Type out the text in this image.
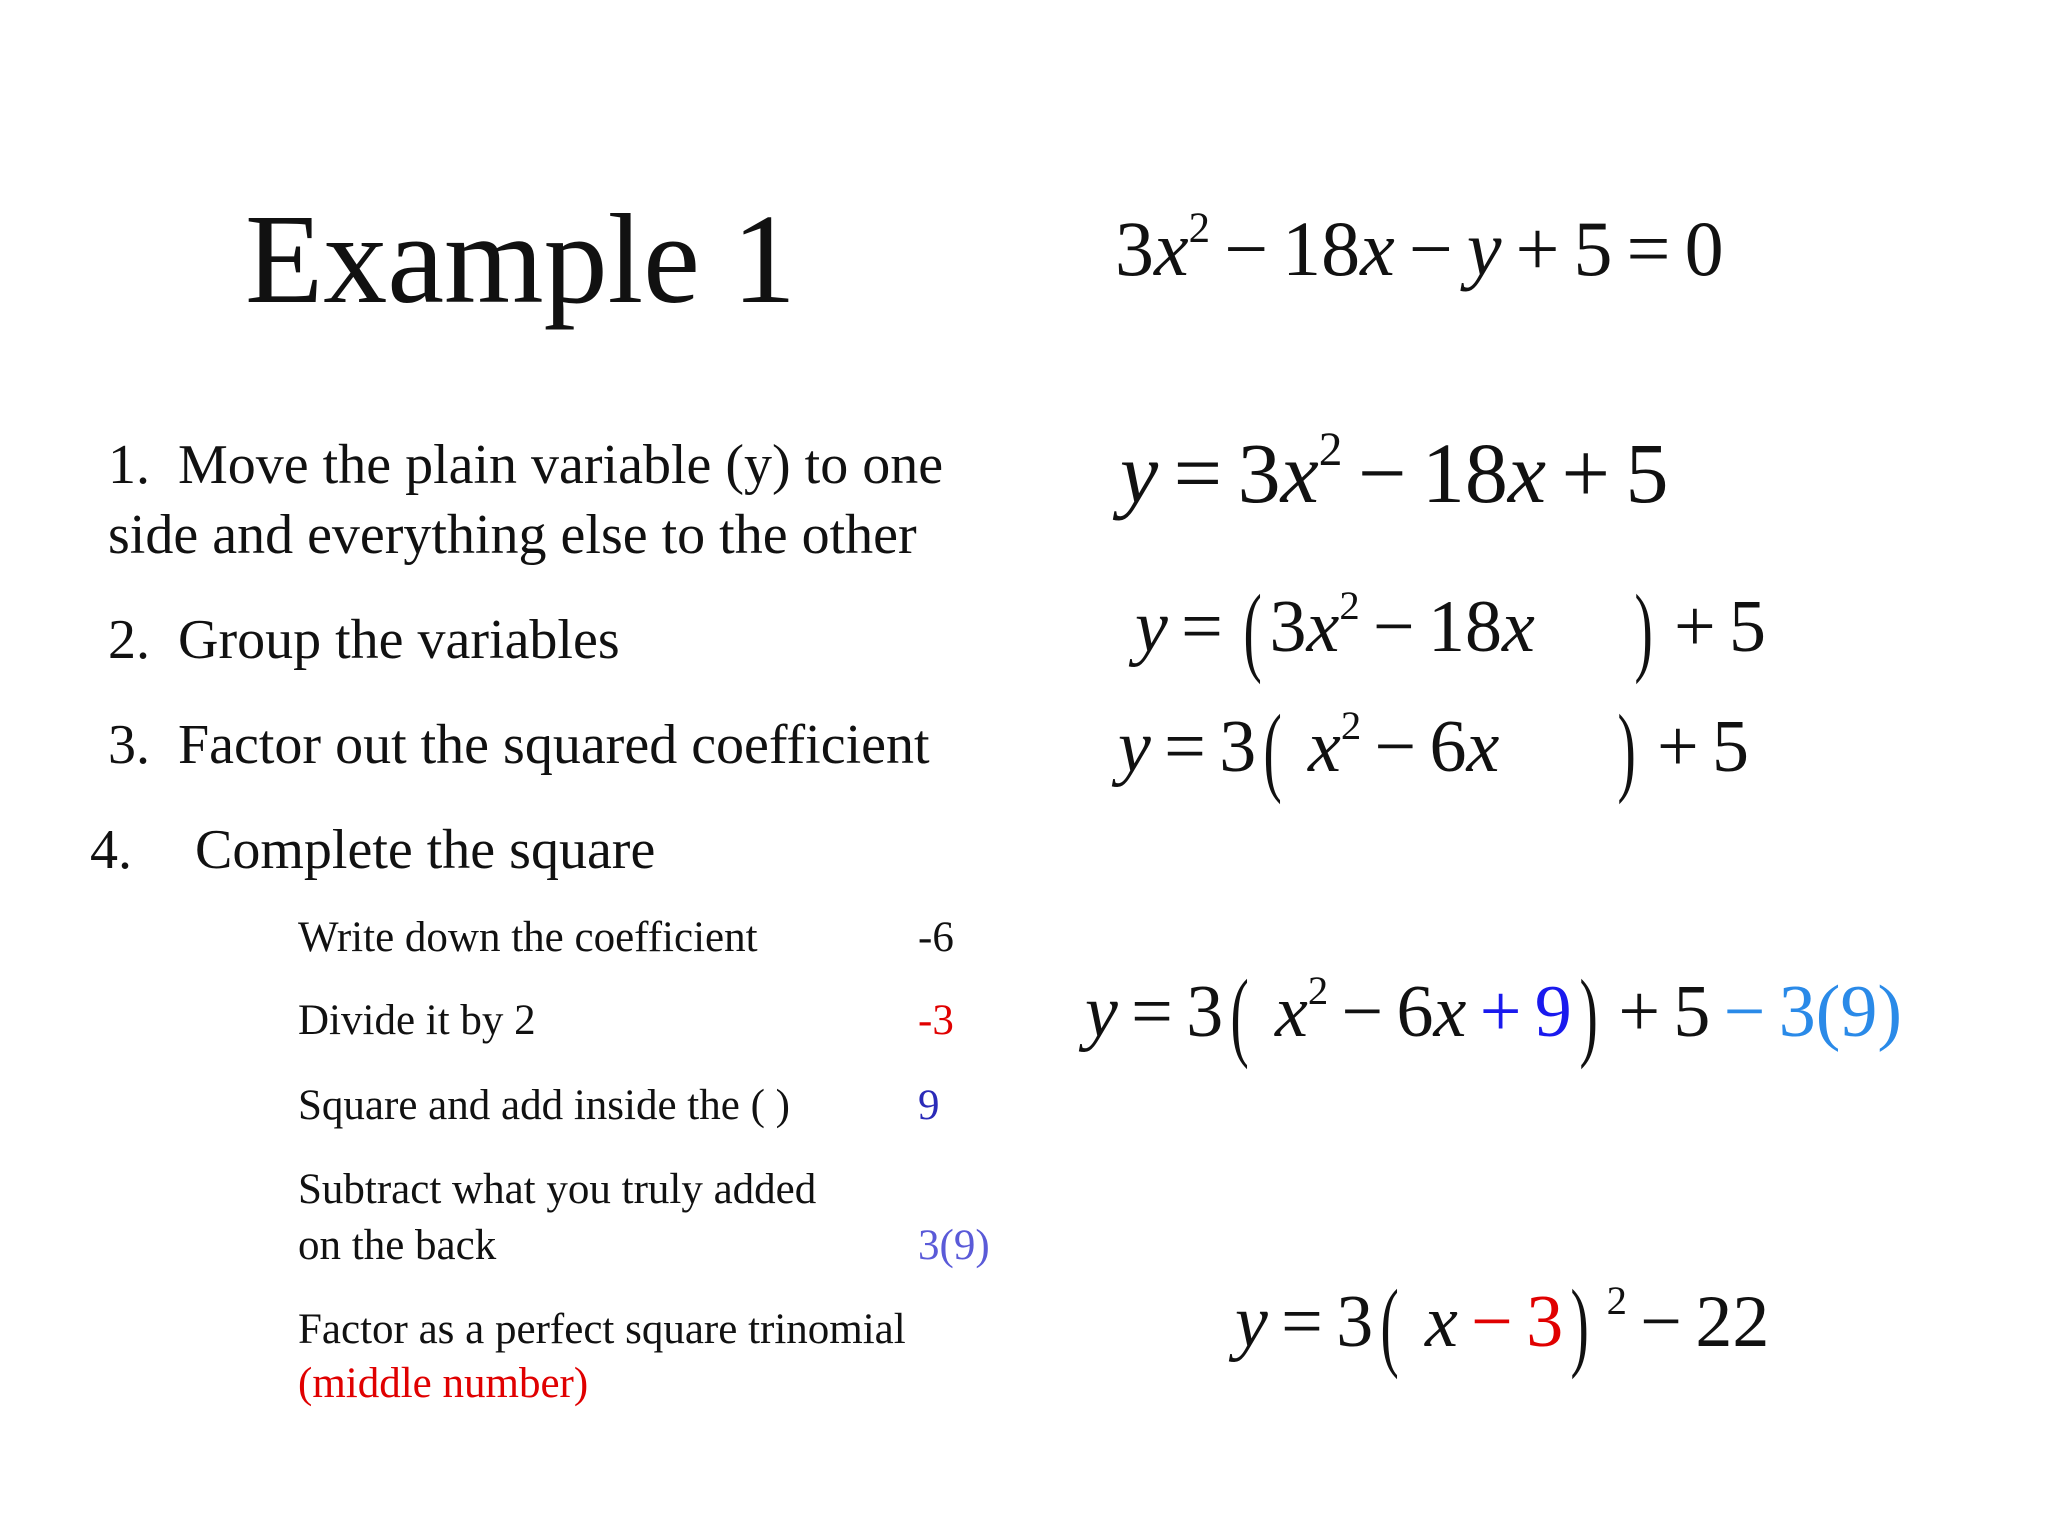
Example 1
1. Move the plain variable (y) to one
side and everything else to the other
2. Group the variables
3. Factor out the squared coefficient
4. Complete the square
Write down the coefficient	-6
Divide it by 2	-3
Square and add inside the ( )	9
Subtract what you truly added
on the back	3(9)
Factor as a perfect square trinomial
(middle number)
$3x^2 - 18x - y + 5 = 0$
$y = 3x^2 - 18x + 5$
y = ( $3x^2 - 18x$ ) + 5
y = 3( $x^2 - 6x$ ) + 5
y = 3( $x^2 - 6x + 9) + 5 - 3(9)$
y = 3( x − 3) $^2$ − 22
